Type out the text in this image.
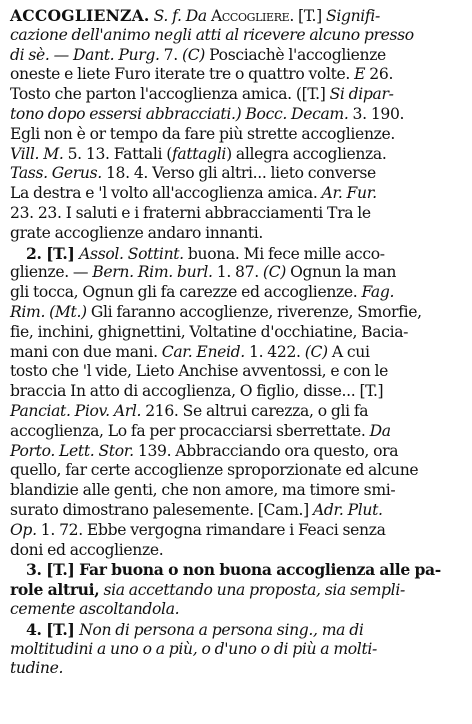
ACCOGLIENZA. S. f. Da Accogliere. [T.] Signifi-
cazione dell'animo negli atti al ricevere alcuno presso
di sè. — Dant. Purg. 7. (C) Posciachè l'accoglienze
oneste e liete Furo iterate tre o quattro volte. E 26.
Tosto che parton l'accoglienza amica. ([T.] Si dipar-
tono dopo essersi abbracciati.) Bocc. Decam. 3. 190.
Egli non è or tempo da fare più strette accoglienze.
Vill. M. 5. 13. Fattali (fattagli) allegra accoglienza.
Tass. Gerus. 18. 4. Verso gli altri... lieto converse
La destra e 'l volto all'accoglienza amica. Ar. Fur.
23. 23. I saluti e i fraterni abbracciamenti Tra le
grate accoglienze andaro innanti.
2. [T.] Assol. Sottint. buona. Mi fece mille acco-
glienze. — Bern. Rim. burl. 1. 87. (C) Ognun la man
gli tocca, Ognun gli fa carezze ed accoglienze. Fag.
Rim. (Mt.) Gli faranno accoglienze, riverenze, Smorfie,
fie, inchini, ghignettini, Voltatine d'occhiatine, Bacia-
mani con due mani. Car. Eneid. 1. 422. (C) A cui
tosto che 'l vide, Lieto Anchise avventossi, e con le
braccia In atto di accoglienza, O figlio, disse... [T.]
Panciat. Piov. Arl. 216. Se altrui carezza, o gli fa
accoglienza, Lo fa per procacciarsi sberrettate. Da
Porto. Lett. Stor. 139. Abbracciando ora questo, ora
quello, far certe accoglienze sproporzionate ed alcune
blandizie alle genti, che non amore, ma timore smi-
surato dimostrano palesemente. [Cam.] Adr. Plut.
Op. 1. 72. Ebbe vergogna rimandare i Feaci senza
doni ed accoglienze.
3. [T.] Far buona o non buona accoglienza alle pa-
role altrui, sia accettando una proposta, sia sempli-
cemente ascoltandola.
4. [T.] Non di persona a persona sing., ma di
moltitudini a uno o a più, o d'uno o di più a molti-
tudine.
